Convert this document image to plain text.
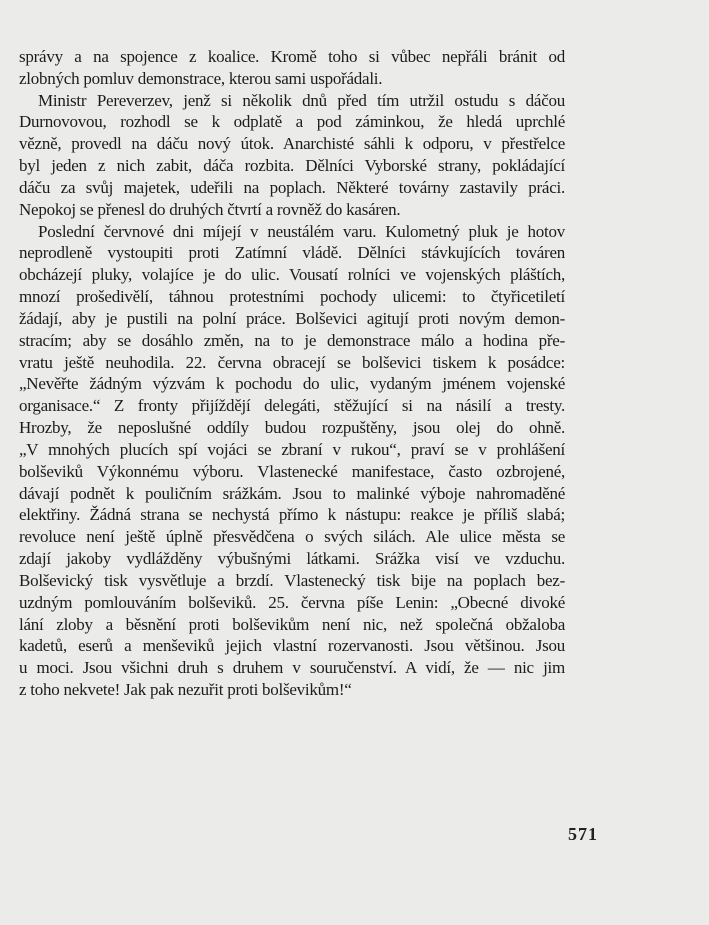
správy a na spojence z koalice. Kromě toho si vůbec nepřáli bránit od
zlobných pomluv demonstrace, kterou sami uspořádali.
Ministr Pereverzev, jenž si několik dnů před tím utržil ostudu s dáčou
Durnovovou, rozhodl se k odplatě a pod záminkou, že hledá uprchlé
vězně, provedl na dáču nový útok. Anarchisté sáhli k odporu, v přestřelce
byl jeden z nich zabit, dáča rozbita. Dělníci Vyborské strany, pokládající
dáču za svůj majetek, udeřili na poplach. Některé továrny zastavily práci.
Nepokoj se přenesl do druhých čtvrtí a rovněž do kasáren.
Poslední červnové dni míjejí v neustálém varu. Kulometný pluk je hotov
neprodleně vystoupiti proti Zatímní vládě. Dělníci stávkujících továren
obcházejí pluky, volajíce je do ulic. Vousatí rolníci ve vojenských pláštích,
mnozí prošedivělí, táhnou protestními pochody ulicemi: to čtyřicetiletí
žádají, aby je pustili na polní práce. Bolševici agitují proti novým demon-
stracím; aby se dosáhlo změn, na to je demonstrace málo a hodina pře-
vratu ještě neuhodila. 22. června obracejí se bolševici tiskem k posádce:
„Nevěřte žádným výzvám k pochodu do ulic, vydaným jménem vojenské
organisace.“ Z fronty přijíždějí delegáti, stěžující si na násilí a tresty.
Hrozby, že neposlušné oddíly budou rozpuštěny, jsou olej do ohně.
„V mnohých plucích spí vojáci se zbraní v rukou“, praví se v prohlášení
bolševiků Výkonnému výboru. Vlastenecké manifestace, často ozbrojené,
dávají podnět k pouličním srážkám. Jsou to malinké výboje nahromaděné
elektřiny. Žádná strana se nechystá přímo k nástupu: reakce je příliš slabá;
revoluce není ještě úplně přesvědčena o svých silách. Ale ulice města se
zdají jakoby vydlážděny výbušnými látkami. Srážka visí ve vzduchu.
Bolševický tisk vysvětluje a brzdí. Vlastenecký tisk bije na poplach bez-
uzdným pomlouváním bolševiků. 25. června píše Lenin: „Obecné divoké
lání zloby a běsnění proti bolševikům není nic, než společná obžaloba
kadetů, eserů a menševiků jejich vlastní rozervanosti. Jsou většinou. Jsou
u moci. Jsou všichni druh s druhem v souručenství. A vidí, že — nic jim
z toho nekvete! Jak pak nezuřit proti bolševikům!“
571
